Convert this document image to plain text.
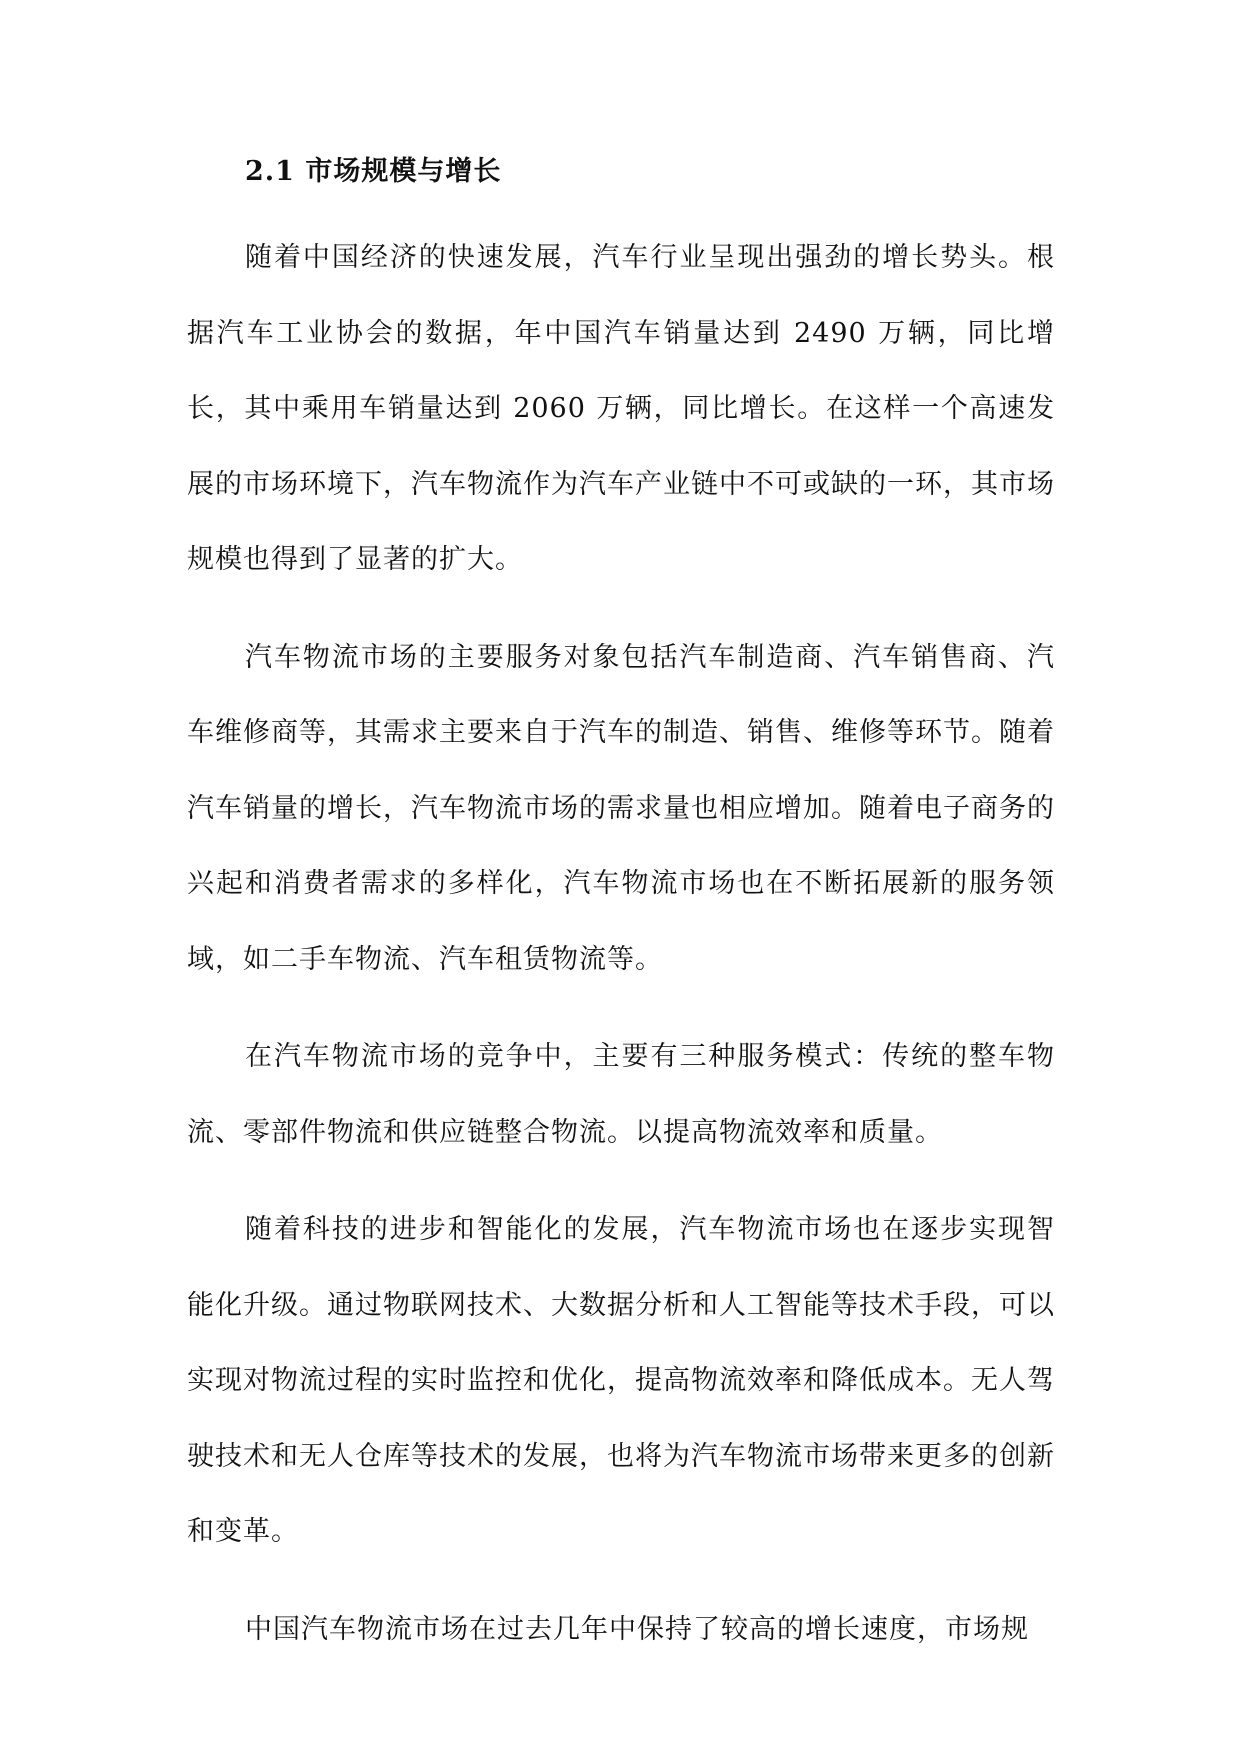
2.1 市场规模与增长

随着中国经济的快速发展，汽车行业呈现出强劲的增长势头。根据汽车工业协会的数据，年中国汽车销量达到 2490 万辆，同比增长，其中乘用车销量达到 2060 万辆，同比增长。在这样一个高速发展的市场环境下，汽车物流作为汽车产业链中不可或缺的一环，其市场规模也得到了显著的扩大。

汽车物流市场的主要服务对象包括汽车制造商、汽车销售商、汽车维修商等，其需求主要来自于汽车的制造、销售、维修等环节。随着汽车销量的增长，汽车物流市场的需求量也相应增加。随着电子商务的兴起和消费者需求的多样化，汽车物流市场也在不断拓展新的服务领域，如二手车物流、汽车租赁物流等。

在汽车物流市场的竞争中，主要有三种服务模式：传统的整车物流、零部件物流和供应链整合物流。以提高物流效率和质量。

随着科技的进步和智能化的发展，汽车物流市场也在逐步实现智能化升级。通过物联网技术、大数据分析和人工智能等技术手段，可以实现对物流过程的实时监控和优化，提高物流效率和降低成本。无人驾驶技术和无人仓库等技术的发展，也将为汽车物流市场带来更多的创新和变革。

中国汽车物流市场在过去几年中保持了较高的增长速度，市场规
